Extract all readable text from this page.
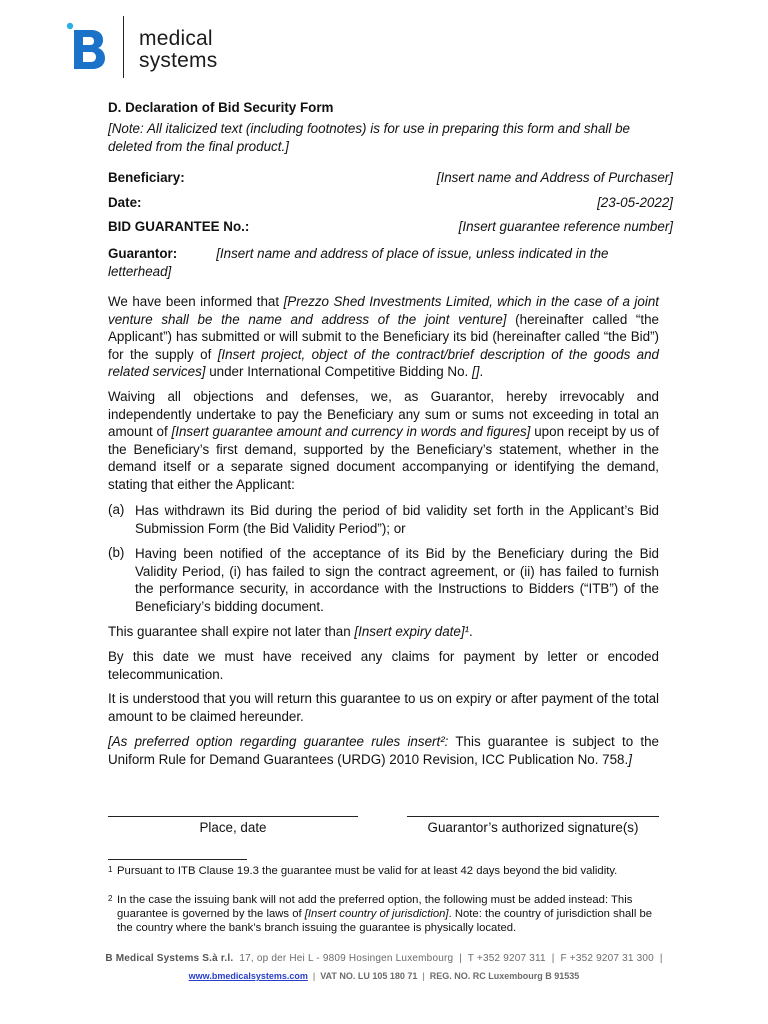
medical
systems
D. Declaration of Bid Security Form
[Note: All italicized text (including footnotes) is for use in preparing this form and shall be deleted from the final product.]
Beneficiary:	[Insert name and Address of Purchaser]
Date:	[23-05-2022]
BID GUARANTEE No.:	[Insert guarantee reference number]
Guarantor:	[Insert name and address of place of issue, unless indicated in the letterhead]
We have been informed that [Prezzo Shed Investments Limited, which in the case of a joint venture shall be the name and address of the joint venture] (hereinafter called “the Applicant”) has submitted or will submit to the Beneficiary its bid (hereinafter called “the Bid”) for the supply of [Insert project, object of the contract/brief description of the goods and related services] under International Competitive Bidding No. [].
Waiving all objections and defenses, we, as Guarantor, hereby irrevocably and independently undertake to pay the Beneficiary any sum or sums not exceeding in total an amount of [Insert guarantee amount and currency in words and figures] upon receipt by us of the Beneficiary’s first demand, supported by the Beneficiary’s statement, whether in the demand itself or a separate signed document accompanying or identifying the demand, stating that either the Applicant:
(a) Has withdrawn its Bid during the period of bid validity set forth in the Applicant’s Bid Submission Form (the Bid Validity Period”); or
(b) Having been notified of the acceptance of its Bid by the Beneficiary during the Bid Validity Period, (i) has failed to sign the contract agreement, or (ii) has failed to furnish the performance security, in accordance with the Instructions to Bidders (“ITB”) of the Beneficiary’s bidding document.
This guarantee shall expire not later than [Insert expiry date]¹.
By this date we must have received any claims for payment by letter or encoded telecommunication.
It is understood that you will return this guarantee to us on expiry or after payment of the total amount to be claimed hereunder.
[As preferred option regarding guarantee rules insert²: This guarantee is subject to the Uniform Rule for Demand Guarantees (URDG) 2010 Revision, ICC Publication No. 758.]
Place, date	Guarantor’s authorized signature(s)
1 Pursuant to ITB Clause 19.3 the guarantee must be valid for at least 42 days beyond the bid validity.
2 In the case the issuing bank will not add the preferred option, the following must be added instead: This guarantee is governed by the laws of [Insert country of jurisdiction]. Note: the country of jurisdiction shall be the country where the bank’s branch issuing the guarantee is physically located.
B Medical Systems S.à r.l. 17, op der Hei L - 9809 Hosingen Luxembourg  |  T +352 9207 311  |  F +352 9207 31 300  |
www.bmedicalsystems.com  |  VAT NO. LU 105 180 71  |  REG. NO. RC Luxembourg B 91535
